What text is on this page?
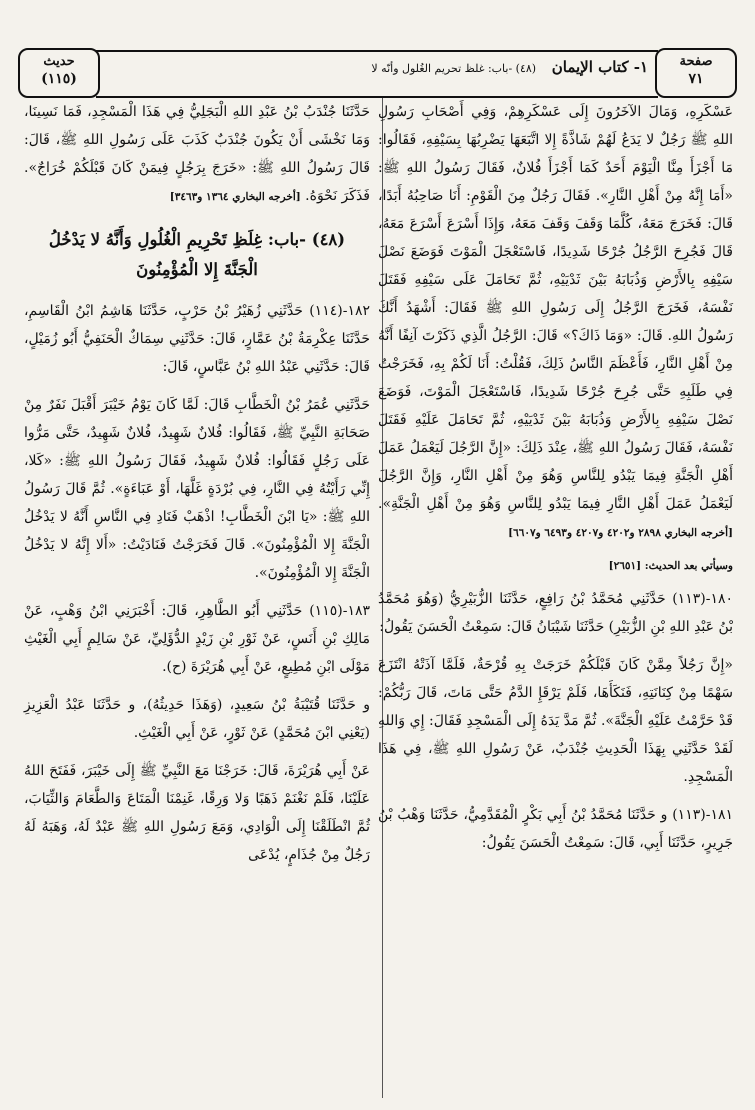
صفحة
٧١
١- كتاب الإيمان   (٤٨) -باب: غلظ تحريم الغُلول وأنّه لا
حديث
(١١٥)

عَسْكَرِهِ، وَمَالَ الآخَرُونَ إِلَى عَسْكَرِهِمْ، وَفِي أَصْحَابِ رَسُولِ اللهِ ﷺ رَجُلٌ لا يَدَعُ لَهُمْ شَاذَّةً إِلا اتَّبَعَهَا يَضْرِبُهَا بِسَيْفِهِ، فَقَالُوا: مَا أَجْزَأَ مِنَّا الْيَوْمَ أَحَدٌ كَمَا أَجْزَأَ فُلانٌ، فَقَالَ رَسُولُ اللهِ ﷺ: «أَمَا إِنَّهُ مِنْ أَهْلِ النَّارِ». فَقَالَ رَجُلٌ مِنَ الْقَوْمِ: أَنَا صَاحِبُهُ أَبَدًا، قَالَ: فَخَرَجَ مَعَهُ، كُلَّمَا وَقَفَ وَقَفَ مَعَهُ، وَإِذَا أَسْرَعَ أَسْرَعَ مَعَهُ، قَالَ فَجُرِحَ الرَّجُلُ جُرْحًا شَدِيدًا، فَاسْتَعْجَلَ الْمَوْتَ فَوَضَعَ نَصْلَ سَيْفِهِ بِالأَرْضِ وَذُبَابَهُ بَيْنَ ثَدْيَيْهِ، ثُمَّ تَحَامَلَ عَلَى سَيْفِهِ فَقَتَلَ نَفْسَهُ، فَخَرَجَ الرَّجُلُ إِلَى رَسُولِ اللهِ ﷺ فَقَالَ: أَشْهَدُ أَنَّكَ رَسُولُ اللهِ. قَالَ: «وَمَا ذَاكَ؟» قَالَ: الرَّجُلُ الَّذِي ذَكَرْتَ آنِفًا أَنَّهُ مِنْ أَهْلِ النَّارِ، فَأَعْظَمَ النَّاسُ ذَلِكَ، فَقُلْتُ: أَنَا لَكُمْ بِهِ، فَخَرَجْتُ فِي طَلَبِهِ حَتَّى جُرِحَ جُرْحًا شَدِيدًا، فَاسْتَعْجَلَ الْمَوْتَ، فَوَضَعَ نَصْلَ سَيْفِهِ بِالأَرْضِ وَذُبَابَهُ بَيْنَ ثَدْيَيْهِ، ثُمَّ تَحَامَلَ عَلَيْهِ فَقَتَلَ نَفْسَهُ، فَقَالَ رَسُولُ اللهِ ﷺ، عِنْدَ ذَلِكَ: «إِنَّ الرَّجُلَ لَيَعْمَلُ عَمَلَ أَهْلِ الْجَنَّةِ فِيمَا يَبْدُو لِلنَّاسِ وَهُوَ مِنْ أَهْلِ النَّارِ، وَإِنَّ الرَّجُلَ لَيَعْمَلُ عَمَلَ أَهْلِ النَّارِ فِيمَا يَبْدُو لِلنَّاسِ وَهُوَ مِنْ أَهْلِ الْجَنَّةِ». [أخرجه البخاري ٢٨٩٨ و٤٢٠٢ و٤٢٠٧ و٦٤٩٣ و٦٦٠٧]

وسيأتي بعد الحديث: [٢٦٥١]

١٨٠-(١١٣) حَدَّثَنِي مُحَمَّدُ بْنُ رَافِعٍ، حَدَّثَنَا الزُّبَيْرِيُّ (وَهُوَ مُحَمَّدُ بْنُ عَبْدِ اللهِ بْنِ الزُّبَيْرِ) حَدَّثَنَا شَيْبَانُ قَالَ: سَمِعْتُ الْحَسَنَ يَقُولُ:

«إِنَّ رَجُلاً مِمَّنْ كَانَ قَبْلَكُمْ خَرَجَتْ بِهِ قُرْحَةٌ، فَلَمَّا آذَتْهُ انْتَزَعَ سَهْمًا مِنْ كِنَانَتِهِ، فَنَكَأَهَا، فَلَمْ يَرْقَإِ الدَّمُ حَتَّى مَاتَ، قَالَ رَبُّكُمْ: قَدْ حَرَّمْتُ عَلَيْهِ الْجَنَّةَ». ثُمَّ مَدَّ يَدَهُ إِلَى الْمَسْجِدِ فَقَالَ: إِي وَاللهِ لَقَدْ حَدَّثَنِي بِهَذَا الْحَدِيثِ جُنْدَبٌ، عَنْ رَسُولِ اللهِ ﷺ، فِي هَذَا الْمَسْجِدِ.

١٨١-(١١٣) و حَدَّثَنَا مُحَمَّدُ بْنُ أَبِي بَكْرٍ الْمُقَدَّمِيُّ، حَدَّثَنَا وَهْبُ بْنُ جَرِيرٍ، حَدَّثَنَا أَبِي، قَالَ: سَمِعْتُ الْحَسَنَ يَقُولُ:

حَدَّثَنَا جُنْدَبُ بْنُ عَبْدِ اللهِ الْبَجَلِيُّ فِي هَذَا الْمَسْجِدِ، فَمَا نَسِينَا، وَمَا نَخْشَى أَنْ يَكُونَ جُنْدَبٌ كَذَبَ عَلَى رَسُولِ اللهِ ﷺ، قَالَ: قَالَ رَسُولُ اللهِ ﷺ: «خَرَجَ بِرَجُلٍ فِيمَنْ كَانَ قَبْلَكُمْ خُرَاجٌ». فَذَكَرَ نَحْوَهُ. [أخرجه البخاري ١٣٦٤ و٣٤٦٣]

(٤٨) -باب: غِلَظِ تَحْرِيمِ الْغُلُولِ وَأَنَّهُ لا يَدْخُلُ الْجَنَّةَ إِلا الْمُؤْمِنُونَ

١٨٢-(١١٤) حَدَّثَنِي زُهَيْرُ بْنُ حَرْبٍ، حَدَّثَنَا هَاشِمُ ابْنُ الْقَاسِمِ، حَدَّثَنَا عِكْرِمَةُ بْنُ عَمَّارٍ، قَالَ: حَدَّثَنِي سِمَاكٌ الْحَنَفِيُّ أَبُو زُمَيْلٍ، قَالَ: حَدَّثَنِي عَبْدُ اللهِ بْنُ عَبَّاسٍ، قَالَ:

حَدَّثَنِي عُمَرُ بْنُ الْخَطَّابِ قَالَ: لَمَّا كَانَ يَوْمُ خَيْبَرَ أَقْبَلَ نَفَرٌ مِنْ صَحَابَةِ النَّبِيِّ ﷺ، فَقَالُوا: فُلانٌ شَهِيدٌ، فُلانٌ شَهِيدٌ، حَتَّى مَرُّوا عَلَى رَجُلٍ فَقَالُوا: فُلانٌ شَهِيدٌ، فَقَالَ رَسُولُ اللهِ ﷺ: «كَلا، إِنِّي رَأَيْتُهُ فِي النَّارِ، فِي بُرْدَةٍ غَلَّهَا، أَوْ عَبَاءَةٍ». ثُمَّ قَالَ رَسُولُ اللهِ ﷺ: «يَا ابْنَ الْخَطَّابِ! اذْهَبْ فَنَادِ فِي النَّاسِ أَنَّهُ لا يَدْخُلُ الْجَنَّةَ إِلا الْمُؤْمِنُونَ». قَالَ فَخَرَجْتُ فَنَادَيْتُ: «أَلا إِنَّهُ لا يَدْخُلُ الْجَنَّةَ إِلا الْمُؤْمِنُونَ».

١٨٣-(١١٥) حَدَّثَنِي أَبُو الطَّاهِرِ، قَالَ: أَخْبَرَنِي ابْنُ وَهْبٍ، عَنْ مَالِكِ بْنِ أَنَسٍ، عَنْ ثَوْرِ بْنِ زَيْدٍ الدُّؤَلِيِّ، عَنْ سَالِمٍ أَبِي الْغَيْثِ مَوْلَى ابْنِ مُطِيعٍ، عَنْ أَبِي هُرَيْرَةَ (ح).

و حَدَّثَنَا قُتَيْبَةُ بْنُ سَعِيدٍ، (وَهَذَا حَدِيثُهُ)، و حَدَّثَنَا عَبْدُ الْعَزِيزِ (يَعْنِي ابْنَ مُحَمَّدٍ) عَنْ ثَوْرٍ، عَنْ أَبِي الْغَيْثِ.

عَنْ أَبِي هُرَيْرَةَ، قَالَ: خَرَجْنَا مَعَ النَّبِيِّ ﷺ إِلَى خَيْبَرَ، فَفَتَحَ اللهُ عَلَيْنَا، فَلَمْ نَغْنَمْ ذَهَبًا وَلا وَرِقًا، غَنِمْنَا الْمَتَاعَ وَالطَّعَامَ وَالثِّيَابَ، ثُمَّ انْطَلَقْنَا إِلَى الْوَادِي، وَمَعَ رَسُولِ اللهِ ﷺ عَبْدٌ لَهُ، وَهَبَهُ لَهُ رَجُلٌ مِنْ جُذَامٍ، يُدْعَى
